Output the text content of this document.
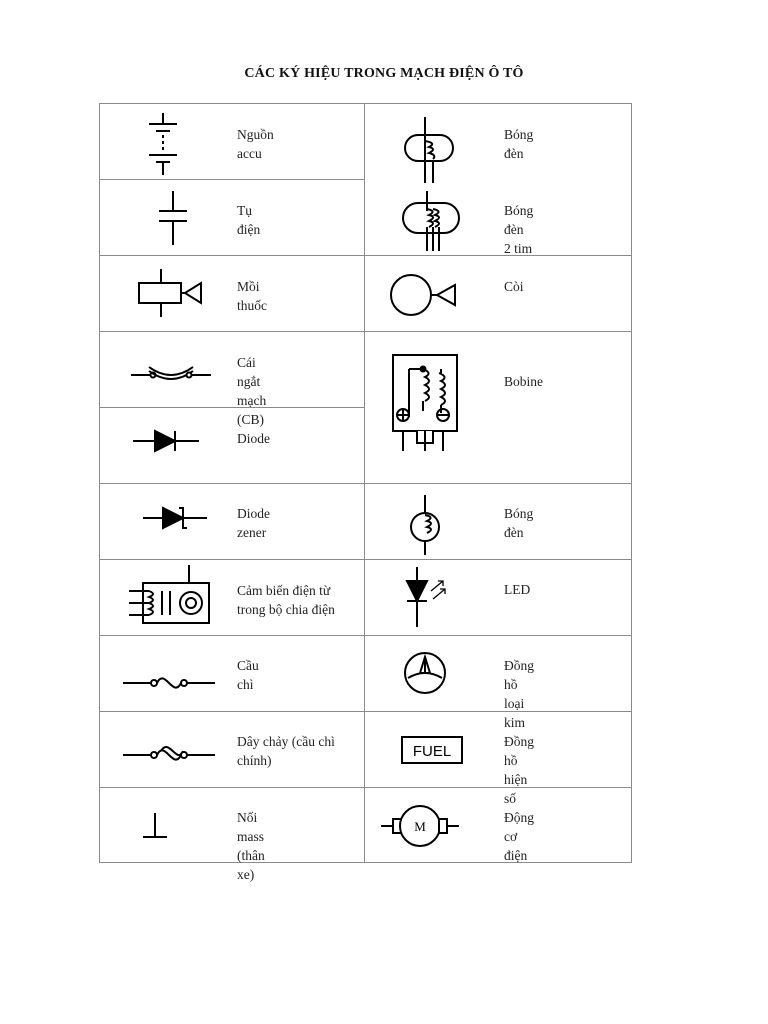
CÁC KÝ HIỆU TRONG MẠCH ĐIỆN Ô TÔ
Nguồn accu
Tụ điện
Mồi thuốc
Cái ngắt mạch (CB)
Diode
Diode zener
Cảm biến điện từ
trong bộ chia điện
Cầu chì
Dây chảy (cầu chì
chính)
Nối mass (thân xe)
Bóng đèn
Bóng đèn 2 tim
Còi
Bobine
Bóng đèn
LED
Đồng hồ loại kim
FUEL
Đồng hồ hiện số
M
Động cơ điện
